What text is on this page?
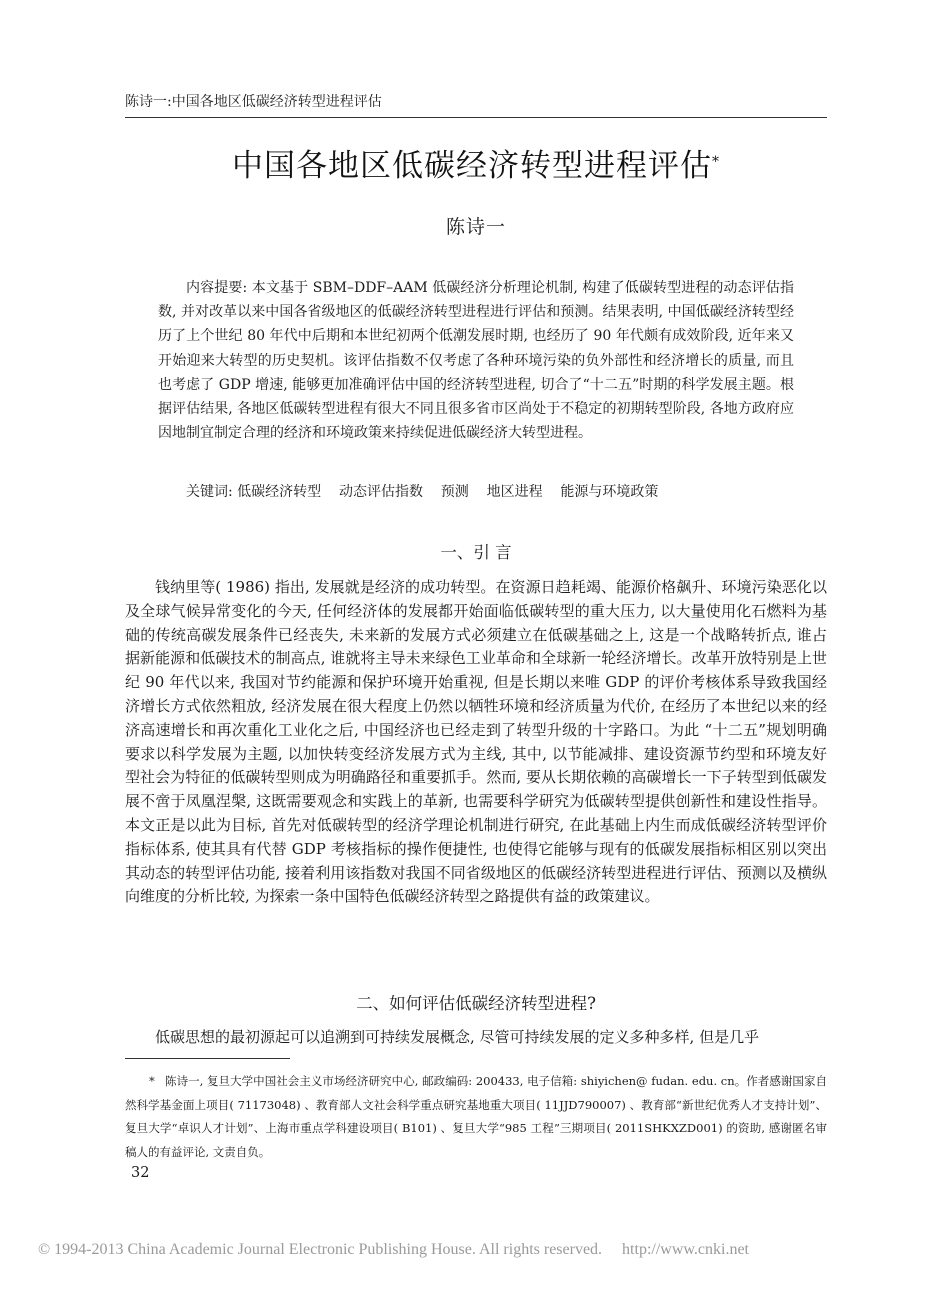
陈诗一:中国各地区低碳经济转型进程评估
中国各地区低碳经济转型进程评估*
陈诗一

内容提要: 本文基于 SBM–DDF–AAM 低碳经济分析理论机制, 构建了低碳转型进程的动态评估指数, 并对改革以来中国各省级地区的低碳经济转型进程进行评估和预测。结果表明, 中国低碳经济转型经历了上个世纪 80 年代中后期和本世纪初两个低潮发展时期, 也经历了 90 年代颇有成效阶段, 近年来又开始迎来大转型的历史契机。该评估指数不仅考虑了各种环境污染的负外部性和经济增长的质量, 而且也考虑了 GDP 增速, 能够更加准确评估中国的经济转型进程, 切合了“十二五”时期的科学发展主题。根据评估结果, 各地区低碳转型进程有很大不同且很多省市区尚处于不稳定的初期转型阶段, 各地方政府应因地制宜制定合理的经济和环境政策来持续促进低碳经济大转型进程。

关键词: 低碳经济转型    动态评估指数    预测    地区进程    能源与环境政策

一、引 言

钱纳里等( 1986) 指出, 发展就是经济的成功转型。在资源日趋耗竭、能源价格飙升、环境污染恶化以及全球气候异常变化的今天, 任何经济体的发展都开始面临低碳转型的重大压力, 以大量使用化石燃料为基础的传统高碳发展条件已经丧失, 未来新的发展方式必须建立在低碳基础之上, 这是一个战略转折点, 谁占据新能源和低碳技术的制高点, 谁就将主导未来绿色工业革命和全球新一轮经济增长。改革开放特别是上世纪 90 年代以来, 我国对节约能源和保护环境开始重视, 但是长期以来唯 GDP 的评价考核体系导致我国经济增长方式依然粗放, 经济发展在很大程度上仍然以牺牲环境和经济质量为代价, 在经历了本世纪以来的经济高速增长和再次重化工业化之后, 中国经济也已经走到了转型升级的十字路口。为此 “十二五”规划明确要求以科学发展为主题, 以加快转变经济发展方式为主线, 其中, 以节能减排、建设资源节约型和环境友好型社会为特征的低碳转型则成为明确路径和重要抓手。然而, 要从长期依赖的高碳增长一下子转型到低碳发展不啻于凤凰涅槃, 这既需要观念和实践上的革新, 也需要科学研究为低碳转型提供创新性和建设性指导。本文正是以此为目标, 首先对低碳转型的经济学理论机制进行研究, 在此基础上内生而成低碳经济转型评价指标体系, 使其具有代替 GDP 考核指标的操作便捷性, 也使得它能够与现有的低碳发展指标相区别以突出其动态的转型评估功能, 接着利用该指数对我国不同省级地区的低碳经济转型进程进行评估、预测以及横纵向维度的分析比较, 为探索一条中国特色低碳经济转型之路提供有益的政策建议。

二、如何评估低碳经济转型进程?

低碳思想的最初源起可以追溯到可持续发展概念, 尽管可持续发展的定义多种多样, 但是几乎

* 陈诗一, 复旦大学中国社会主义市场经济研究中心, 邮政编码: 200433, 电子信箱: shiyichen@ fudan. edu. cn。作者感谢国家自然科学基金面上项目( 71173048) 、教育部人文社会科学重点研究基地重大项目( 11JJD790007) 、教育部“新世纪优秀人才支持计划”、复旦大学“卓识人才计划”、上海市重点学科建设项目( B101) 、复旦大学“985 工程”三期项目( 2011SHKXZD001) 的资助, 感谢匿名审稿人的有益评论, 文责自负。

32
© 1994-2013 China Academic Journal Electronic Publishing House. All rights reserved.     http://www.cnki.net
